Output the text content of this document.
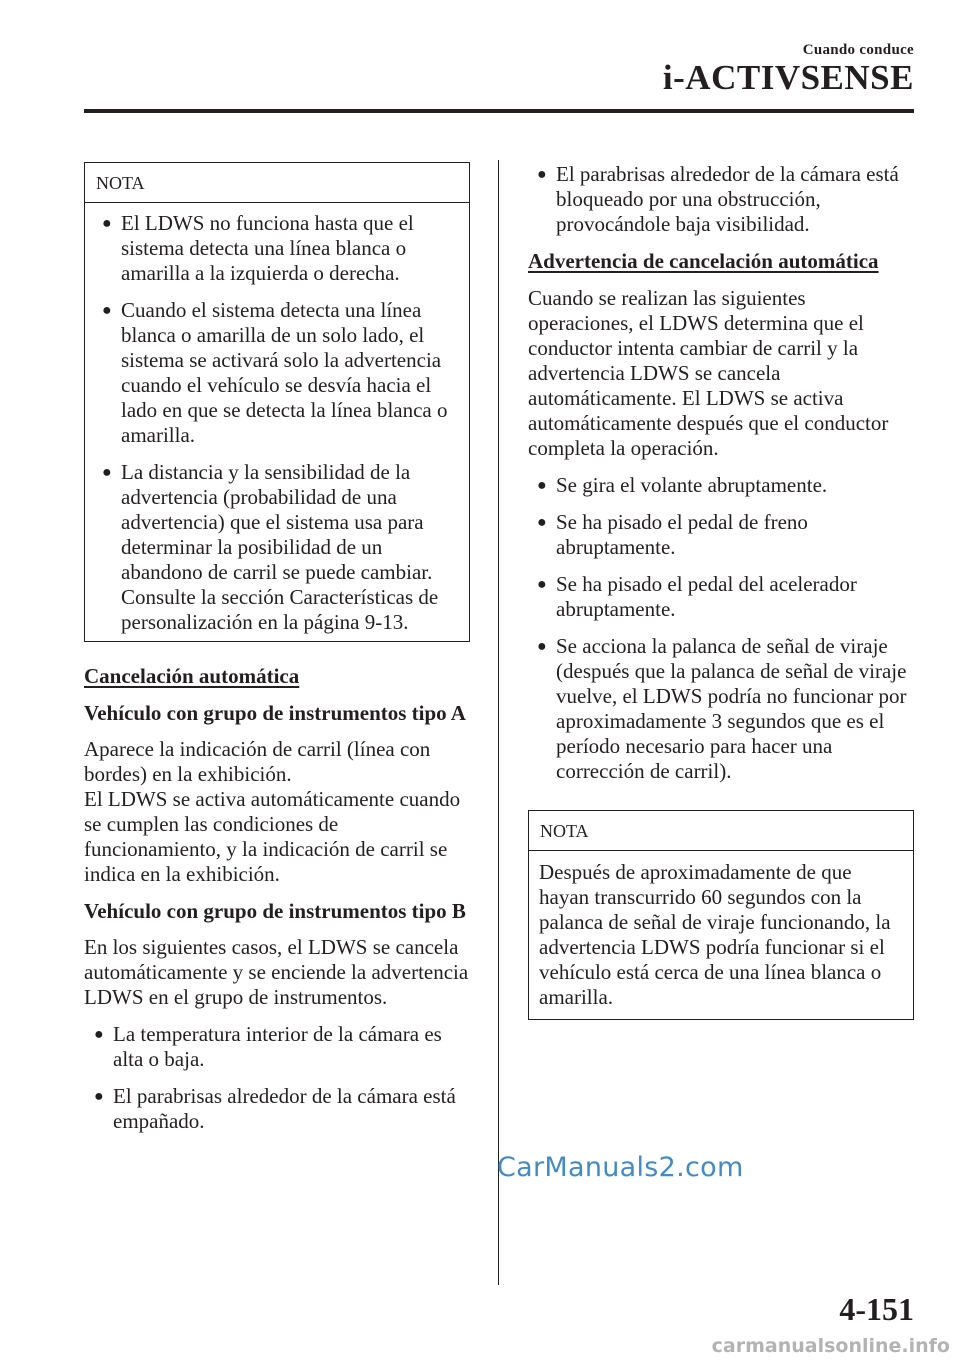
Cuando conduce
i-ACTIVSENSE
NOTA
● El LDWS no funciona hasta que el sistema detecta una línea blanca o amarilla a la izquierda o derecha.
● Cuando el sistema detecta una línea blanca o amarilla de un solo lado, el sistema se activará solo la advertencia cuando el vehículo se desvía hacia el lado en que se detecta la línea blanca o amarilla.
● La distancia y la sensibilidad de la advertencia (probabilidad de una advertencia) que el sistema usa para determinar la posibilidad de un abandono de carril se puede cambiar. Consulte la sección Características de personalización en la página 9-13.
Cancelación automática
Vehículo con grupo de instrumentos tipo A

Aparece la indicación de carril (línea con bordes) en la exhibición.

El LDWS se activa automáticamente cuando se cumplen las condiciones de funcionamiento, y la indicación de carril se indica en la exhibición.

Vehículo con grupo de instrumentos tipo B

En los siguientes casos, el LDWS se cancela automáticamente y se enciende la advertencia LDWS en el grupo de instrumentos.

● La temperatura interior de la cámara es alta o baja.
● El parabrisas alrededor de la cámara está empañado.
● El parabrisas alrededor de la cámara está bloqueado por una obstrucción, provocándole baja visibilidad.
Advertencia de cancelación automática

Cuando se realizan las siguientes operaciones, el LDWS determina que el conductor intenta cambiar de carril y la advertencia LDWS se cancela automáticamente. El LDWS se activa automáticamente después que el conductor completa la operación.

● Se gira el volante abruptamente.
● Se ha pisado el pedal de freno abruptamente.
● Se ha pisado el pedal del acelerador abruptamente.
● Se acciona la palanca de señal de viraje (después que la palanca de señal de viraje vuelve, el LDWS podría no funcionar por aproximadamente 3 segundos que es el período necesario para hacer una corrección de carril).
NOTA
Después de aproximadamente de que hayan transcurrido 60 segundos con la palanca de señal de viraje funcionando, la advertencia LDWS podría funcionar si el vehículo está cerca de una línea blanca o amarilla.
CarManuals2.com
4-151
carmanualsonline.info
